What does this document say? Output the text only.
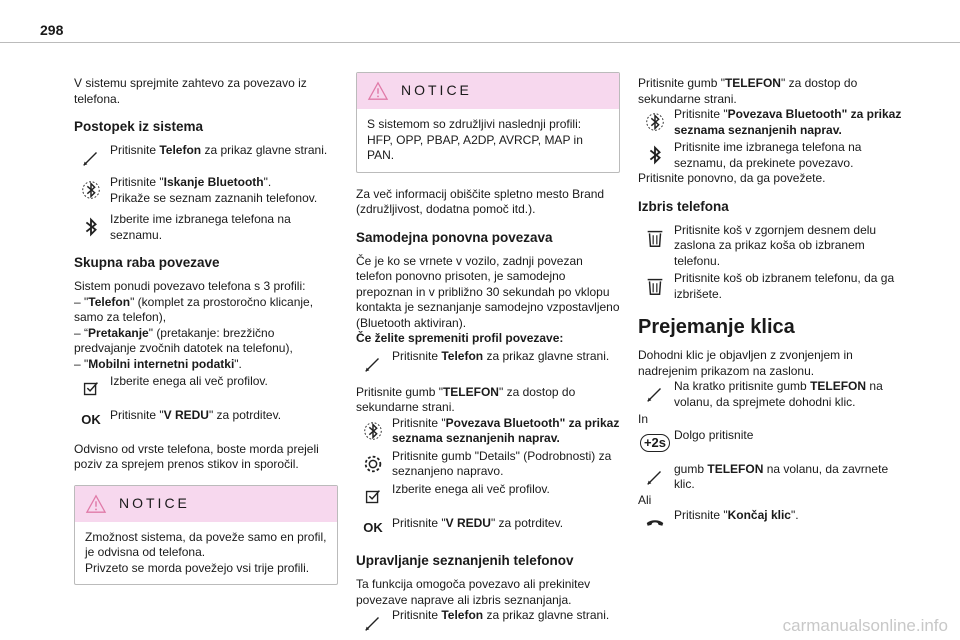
298

V sistemu sprejmite zahtevo za povezavo iz telefona.

Postopek iz sistema
Pritisnite Telefon za prikaz glavne strani.
Pritisnite "Iskanje Bluetooth".
Prikaže se seznam zaznanih telefonov.
Izberite ime izbranega telefona na seznamu.
Skupna raba povezave

Sistem ponudi povezavo telefona s 3 profili:

– "Telefon" (komplet za prostoročno klicanje, samo za telefon),

– “Pretakanje" (pretakanje: brezžično predvajanje zvočnih datotek na telefonu),

– "Mobilni internetni podatki".

Izberite enega ali več profilov.
OK Pritisnite "V REDU" za potrditev.

Odvisno od vrste telefona, boste morda prejeli poziv za sprejem prenos stikov in sporočil.

NOTICE
Zmožnost sistema, da poveže samo en profil, je odvisna od telefona.
Privzeto se morda povežejo vsi trije profili.
NOTICE
S sistemom so združljivi naslednji profili: HFP, OPP, PBAP, A2DP, AVRCP, MAP in PAN.

Za več informacij obiščite spletno mesto Brand (združljivost, dodatna pomoč itd.).

Samodejna ponovna povezava

Če je ko se vrnete v vozilo, zadnji povezan telefon ponovno prisoten, je samodejno prepoznan in v približno 30 sekundah po vklopu kontakta je seznanjanje samodejno vzpostavljeno (Bluetooth aktiviran).

Če želite spremeniti profil povezave:

Pritisnite Telefon za prikaz glavne strani.

Pritisnite gumb "TELEFON" za dostop do sekundarne strani.

Pritisnite "Povezava Bluetooth" za prikaz seznama seznanjenih naprav.
Pritisnite gumb "Details" (Podrobnosti) za seznanjeno napravo.
Izberite enega ali več profilov.
OK Pritisnite "V REDU" za potrditev.
Upravljanje seznanjenih telefonov

Ta funkcija omogoča povezavo ali prekinitev povezave naprave ali izbris seznanjanja.

Pritisnite Telefon za prikaz glavne strani.

Pritisnite gumb "TELEFON" za dostop do sekundarne strani.

Pritisnite "Povezava Bluetooth" za prikaz seznama seznanjenih naprav.
Pritisnite ime izbranega telefona na seznamu, da prekinete povezavo.

Pritisnite ponovno, da ga povežete.

Izbris telefona
Pritisnite koš v zgornjem desnem delu zaslona za prikaz koša ob izbranem telefonu.
Pritisnite koš ob izbranem telefonu, da ga izbrišete.
Prejemanje klica

Dohodni klic je objavljen z zvonjenjem in nadrejenim prikazom na zaslonu.

Na kratko pritisnite gumb TELEFON na volanu, da sprejmete dohodni klic.

In

+2s Dolgo pritisnite
gumb TELEFON na volanu, da zavrnete klic.

Ali

Pritisnite "Končaj klic".
carmanualsonline.info
